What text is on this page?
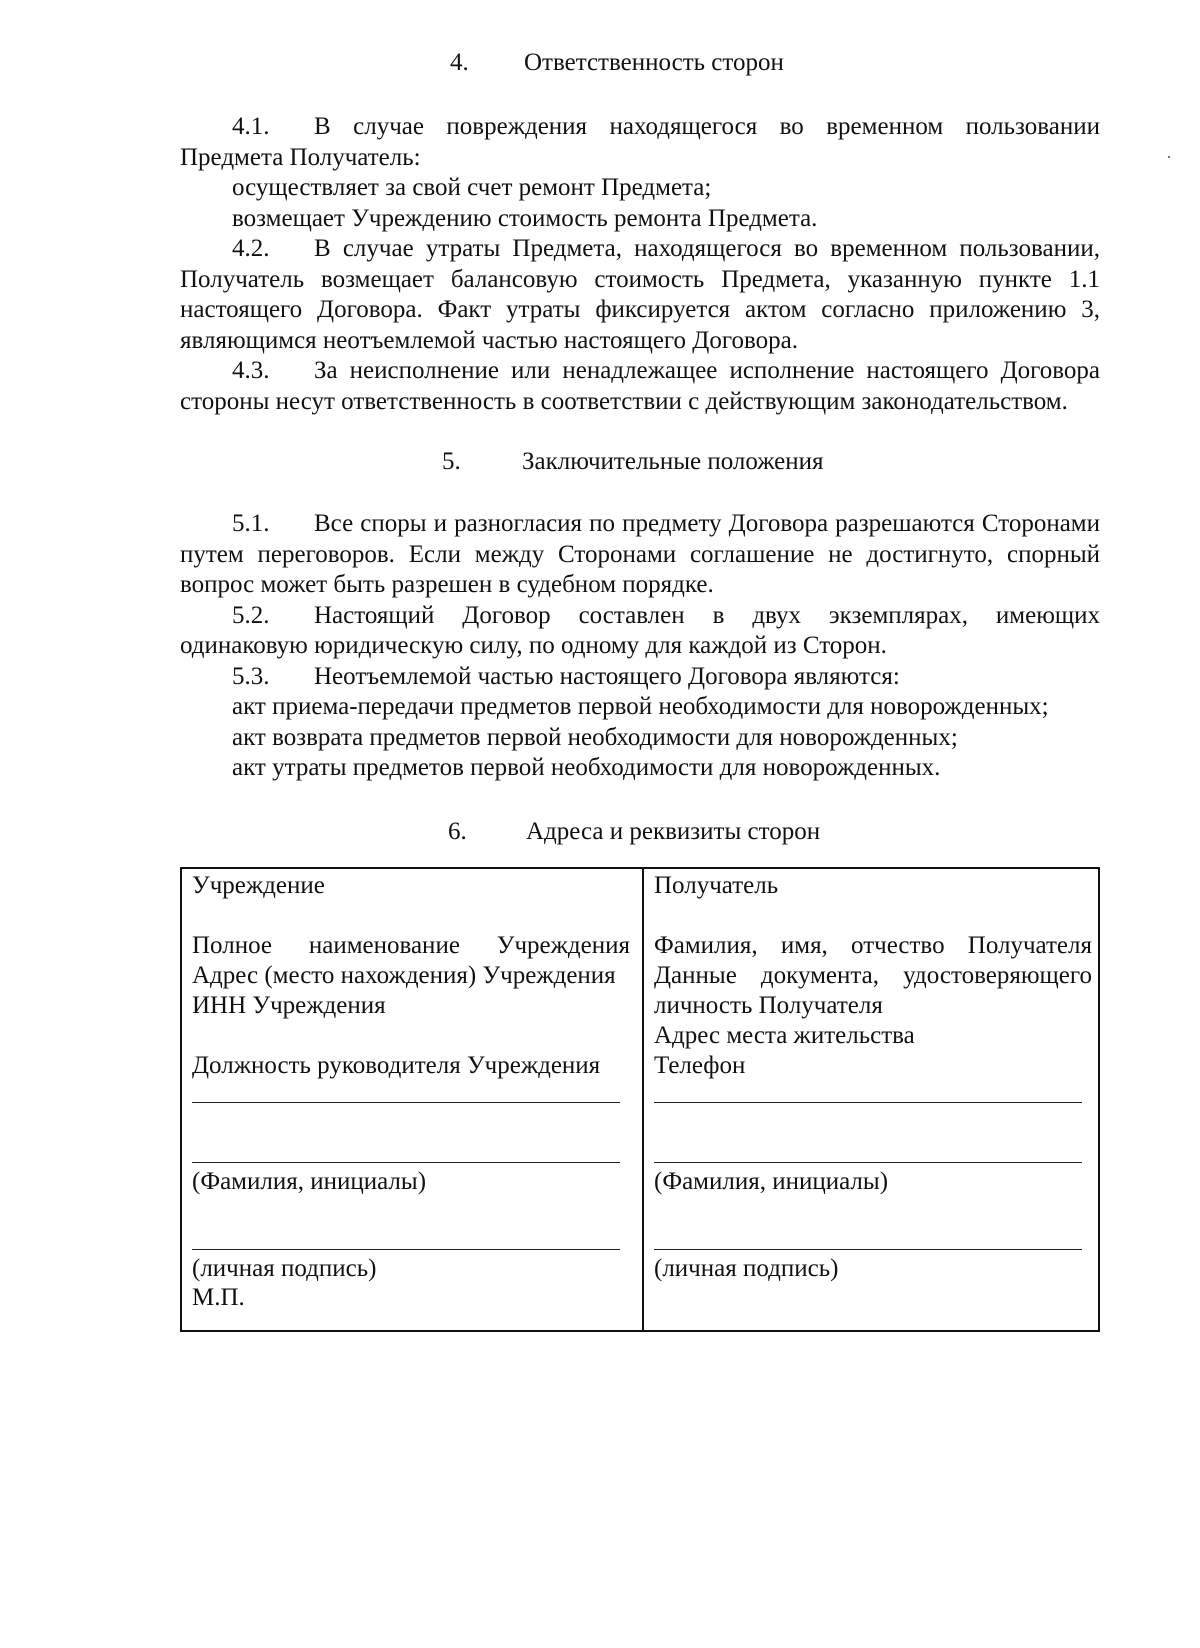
4. Ответственность сторон

4.1. В случае повреждения находящегося во временном пользовании Предмета Получатель:

осуществляет за свой счет ремонт Предмета;
возмещает Учреждению стоимость ремонта Предмета.

4.2. В случае утраты Предмета, находящегося во временном пользовании, Получатель возмещает балансовую стоимость Предмета, указанную пункте 1.1 настоящего Договора. Факт утраты фиксируется актом согласно приложению 3, являющимся неотъемлемой частью настоящего Договора.

4.3. За неисполнение или ненадлежащее исполнение настоящего Договора стороны несут ответственность в соответствии с действующим законодательством.

5. Заключительные положения

5.1. Все споры и разногласия по предмету Договора разрешаются Сторонами путем переговоров. Если между Сторонами соглашение не достигнуто, спорный вопрос может быть разрешен в судебном порядке.

5.2. Настоящий Договор составлен в двух экземплярах, имеющих одинаковую юридическую силу, по одному для каждой из Сторон.

5.3. Неотъемлемой частью настоящего Договора являются:

акт приема-передачи предметов первой необходимости для новорожденных;
акт возврата предметов первой необходимости для новорожденных;
акт утраты предметов первой необходимости для новорожденных.
6. Адреса и реквизиты сторон
Учреждение
Полное наименование Учреждения
Адрес (место нахождения) Учреждения
ИНН Учреждения
Должность руководителя Учреждения
(Фамилия, инициалы)
(личная подпись)
М.П.
Получатель
Фамилия, имя, отчество Получателя
Данные документа, удостоверяющего
личность Получателя
Адрес места жительства
Телефон
(Фамилия, инициалы)
(личная подпись)
